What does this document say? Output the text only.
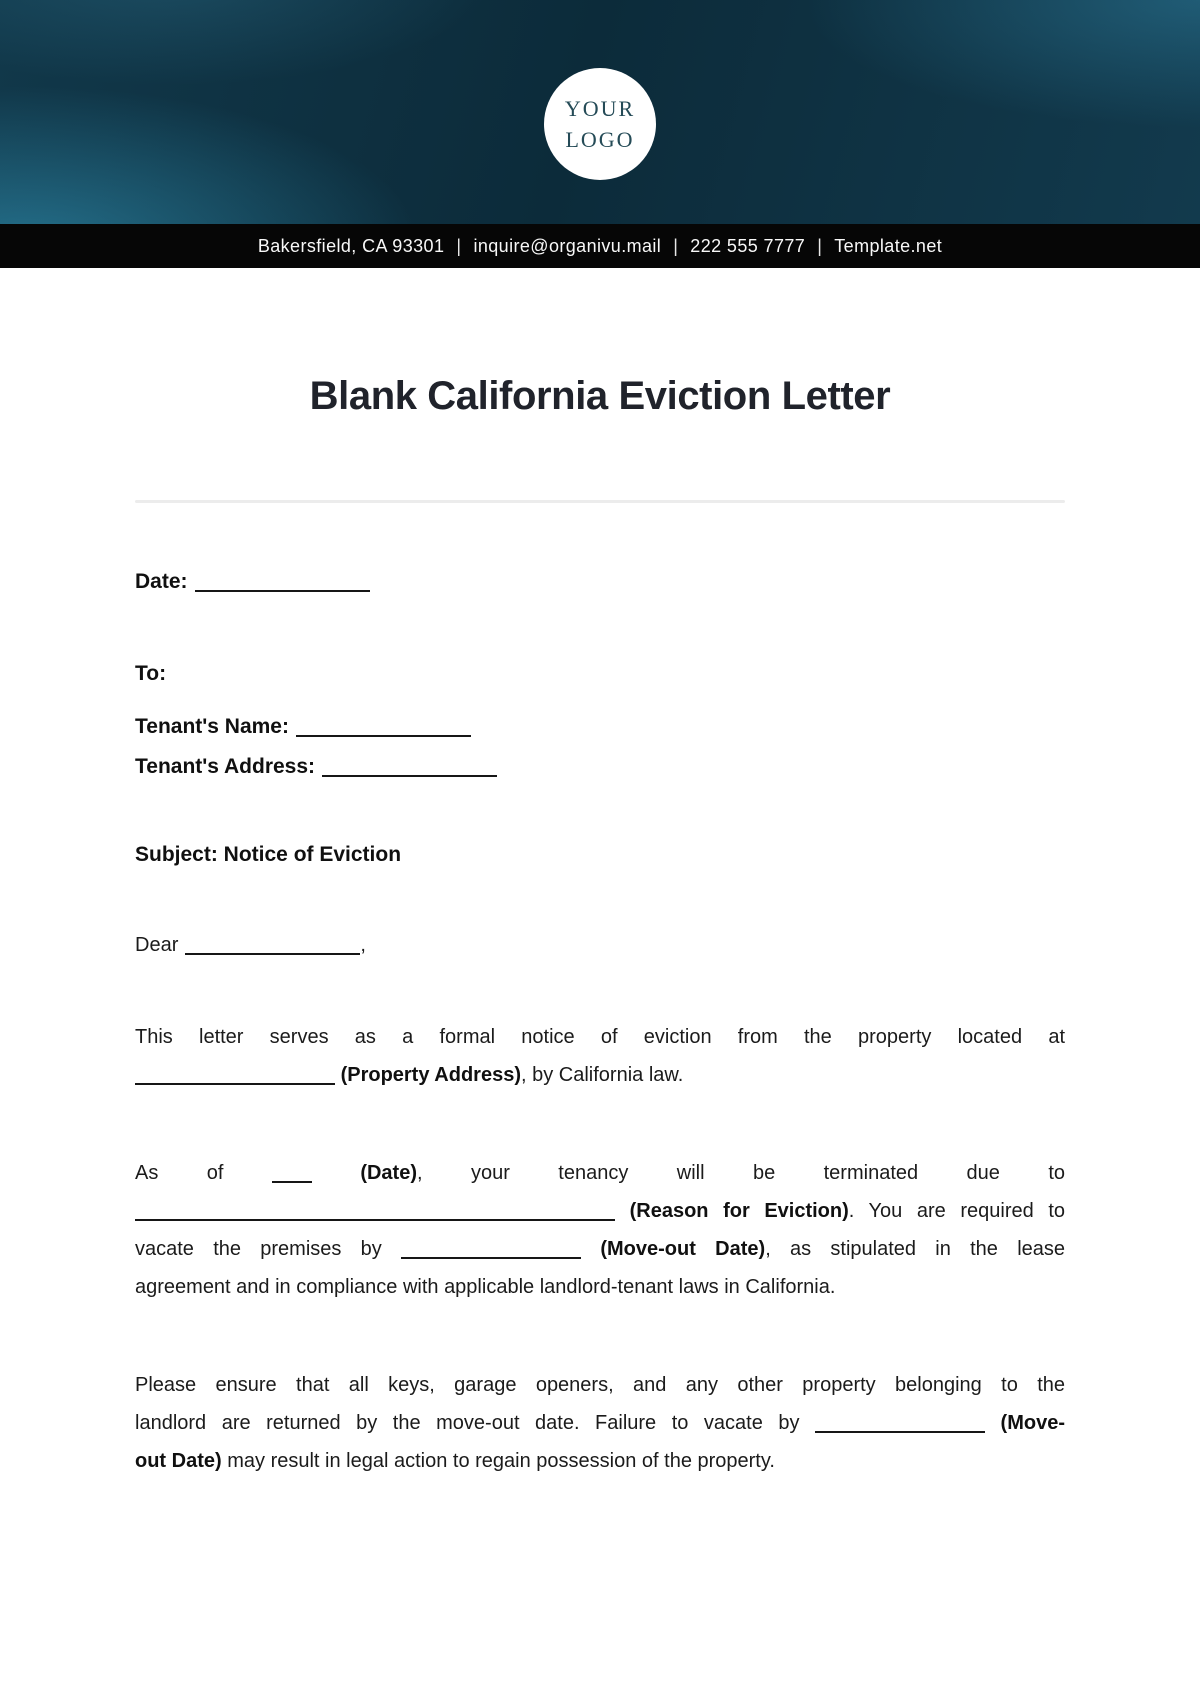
YOUR
LOGO
Bakersfield, CA 93301 | inquire@organivu.mail | 222 555 7777 | Template.net
Blank California Eviction Letter
Date:
To:
Tenant's Name:
Tenant's Address:
Subject: Notice of Eviction
Dear	,
This letter serves as a formal notice of eviction from the property located at
(Property Address), by California law.
As of	(Date), your tenancy will be terminated due to
(Reason for Eviction). You are required to
vacate the premises by	(Move-out Date), as stipulated in the lease
agreement and in compliance with applicable landlord-tenant laws in California.
Please ensure that all keys, garage openers, and any other property belonging to the
landlord are returned by the move-out date. Failure to vacate by	(Move-
out Date) may result in legal action to regain possession of the property.
